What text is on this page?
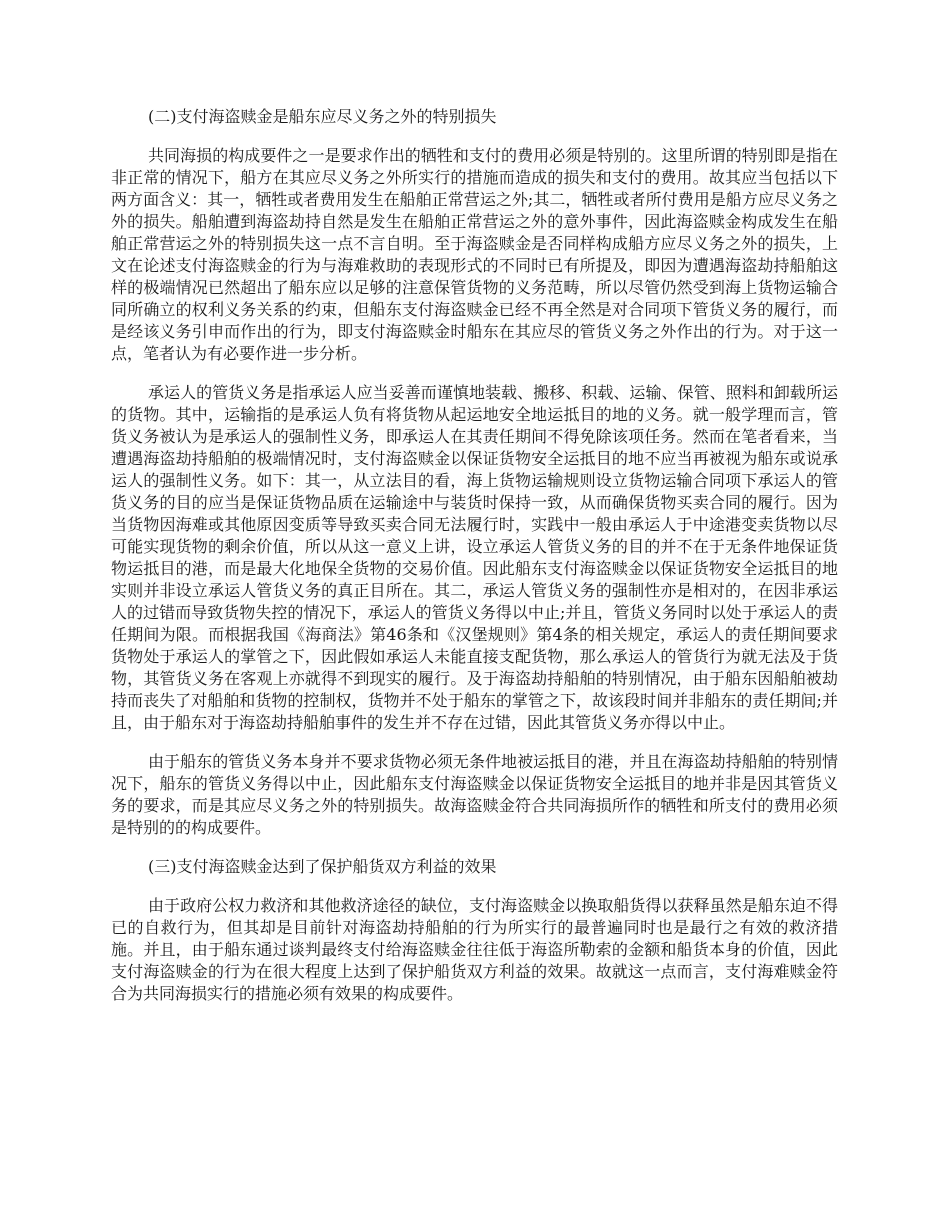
(二)支付海盗赎金是船东应尽义务之外的特别损失

共同海损的构成要件之一是要求作出的牺牲和支付的费用必须是特别的。这里所谓的特别即是指在非正常的情况下，船方在其应尽义务之外所实行的措施而造成的损失和支付的费用。故其应当包括以下两方面含义：其一，牺牲或者费用发生在船舶正常营运之外;其二，牺牲或者所付费用是船方应尽义务之外的损失。船舶遭到海盗劫持自然是发生在船舶正常营运之外的意外事件，因此海盗赎金构成发生在船舶正常营运之外的特别损失这一点不言自明。至于海盗赎金是否同样构成船方应尽义务之外的损失，上文在论述支付海盗赎金的行为与海难救助的表现形式的不同时已有所提及，即因为遭遇海盗劫持船舶这样的极端情况已然超出了船东应以足够的注意保管货物的义务范畴，所以尽管仍然受到海上货物运输合同所确立的权利义务关系的约束，但船东支付海盗赎金已经不再全然是对合同项下管货义务的履行，而是经该义务引申而作出的行为，即支付海盗赎金时船东在其应尽的管货义务之外作出的行为。对于这一点，笔者认为有必要作进一步分析。

承运人的管货义务是指承运人应当妥善而谨慎地装载、搬移、积载、运输、保管、照料和卸载所运的货物。其中，运输指的是承运人负有将货物从起运地安全地运抵目的地的义务。就一般学理而言，管货义务被认为是承运人的强制性义务，即承运人在其责任期间不得免除该项任务。然而在笔者看来，当遭遇海盗劫持船舶的极端情况时，支付海盗赎金以保证货物安全运抵目的地不应当再被视为船东或说承运人的强制性义务。如下：其一，从立法目的看，海上货物运输规则设立货物运输合同项下承运人的管货义务的目的应当是保证货物品质在运输途中与装货时保持一致，从而确保货物买卖合同的履行。因为当货物因海难或其他原因变质等导致买卖合同无法履行时，实践中一般由承运人于中途港变卖货物以尽可能实现货物的剩余价值，所以从这一意义上讲，设立承运人管货义务的目的并不在于无条件地保证货物运抵目的港，而是最大化地保全货物的交易价值。因此船东支付海盗赎金以保证货物安全运抵目的地实则并非设立承运人管货义务的真正目所在。其二，承运人管货义务的强制性亦是相对的，在因非承运人的过错而导致货物失控的情况下，承运人的管货义务得以中止;并且，管货义务同时以处于承运人的责任期间为限。而根据我国《海商法》第46条和《汉堡规则》第4条的相关规定，承运人的责任期间要求货物处于承运人的掌管之下，因此假如承运人未能直接支配货物，那么承运人的管货行为就无法及于货物，其管货义务在客观上亦就得不到现实的履行。及于海盗劫持船舶的特别情况，由于船东因船舶被劫持而丧失了对船舶和货物的控制权，货物并不处于船东的掌管之下，故该段时间并非船东的责任期间;并且，由于船东对于海盗劫持船舶事件的发生并不存在过错，因此其管货义务亦得以中止。

由于船东的管货义务本身并不要求货物必须无条件地被运抵目的港，并且在海盗劫持船舶的特别情况下，船东的管货义务得以中止，因此船东支付海盗赎金以保证货物安全运抵目的地并非是因其管货义务的要求，而是其应尽义务之外的特别损失。故海盗赎金符合共同海损所作的牺牲和所支付的费用必须是特别的的构成要件。

(三)支付海盗赎金达到了保护船货双方利益的效果

由于政府公权力救济和其他救济途径的缺位，支付海盗赎金以换取船货得以获释虽然是船东迫不得已的自救行为，但其却是目前针对海盗劫持船舶的行为所实行的最普遍同时也是最行之有效的救济措施。并且，由于船东通过谈判最终支付给海盗赎金往往低于海盗所勒索的金额和船货本身的价值，因此支付海盗赎金的行为在很大程度上达到了保护船货双方利益的效果。故就这一点而言，支付海难赎金符合为共同海损实行的措施必须有效果的构成要件。
